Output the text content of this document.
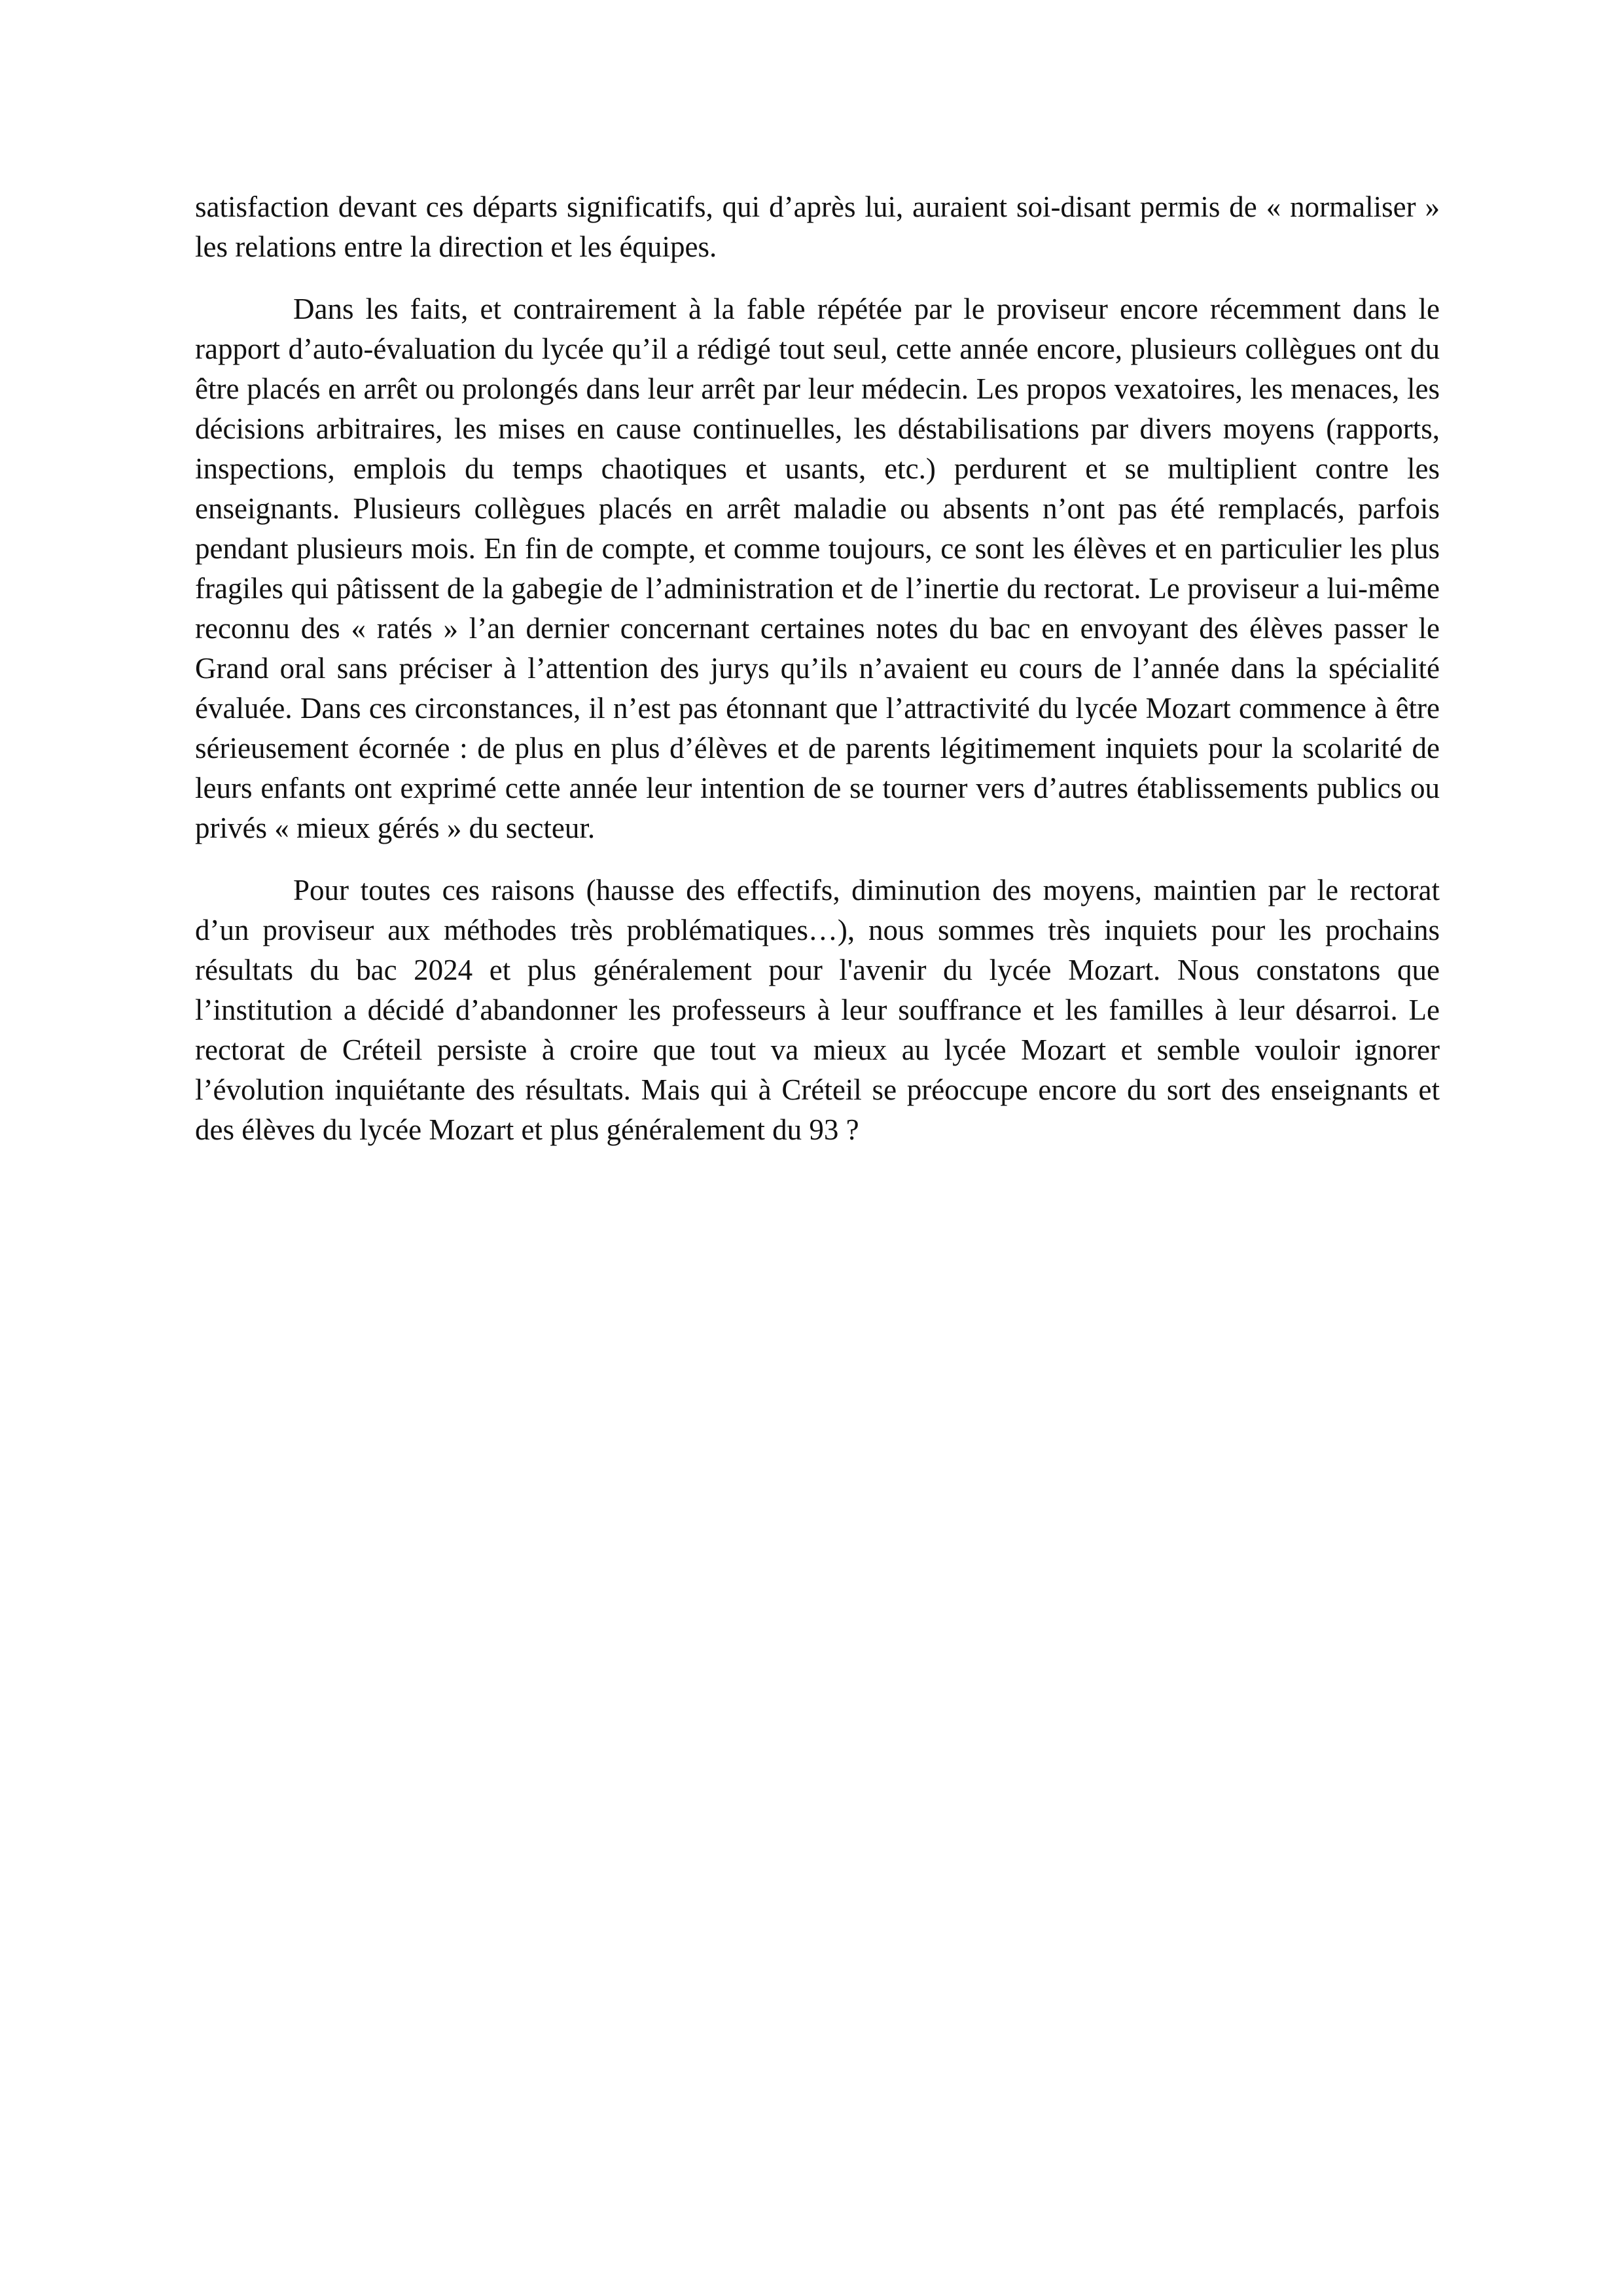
satisfaction devant ces départs significatifs, qui d’après lui, auraient soi-disant permis de « normaliser » les relations entre la direction et les équipes.

Dans les faits, et contrairement à la fable répétée par le proviseur encore récemment dans le rapport d’auto-évaluation du lycée qu’il a rédigé tout seul, cette année encore, plusieurs collègues ont du être placés en arrêt ou prolongés dans leur arrêt par leur médecin. Les propos vexatoires, les menaces, les décisions arbitraires, les mises en cause continuelles, les déstabilisations par divers moyens (rapports, inspections, emplois du temps chaotiques et usants, etc.) perdurent et se multiplient contre les enseignants. Plusieurs collègues placés en arrêt maladie ou absents n’ont pas été remplacés, parfois pendant plusieurs mois. En fin de compte, et comme toujours, ce sont les élèves et en particulier les plus fragiles qui pâtissent de la gabegie de l’administration et de l’inertie du rectorat. Le proviseur a lui-même reconnu des « ratés » l’an dernier concernant certaines notes du bac en envoyant des élèves passer le Grand oral sans préciser à l’attention des jurys qu’ils n’avaient eu cours de l’année dans la spécialité évaluée. Dans ces circonstances, il n’est pas étonnant que l’attractivité du lycée Mozart commence à être sérieusement écornée : de plus en plus d’élèves et de parents légitimement inquiets pour la scolarité de leurs enfants ont exprimé cette année leur intention de se tourner vers d’autres établissements publics ou privés « mieux gérés » du secteur.

Pour toutes ces raisons (hausse des effectifs, diminution des moyens, maintien par le rectorat d’un proviseur aux méthodes très problématiques…), nous sommes très inquiets pour les prochains résultats du bac 2024 et plus généralement pour l'avenir du lycée Mozart. Nous constatons que l’institution a décidé d’abandonner les professeurs à leur souffrance et les familles à leur désarroi. Le rectorat de Créteil persiste à croire que tout va mieux au lycée Mozart et semble vouloir ignorer l’évolution inquiétante des résultats. Mais qui à Créteil se préoccupe encore du sort des enseignants et des élèves du lycée Mozart et plus généralement du 93 ?
